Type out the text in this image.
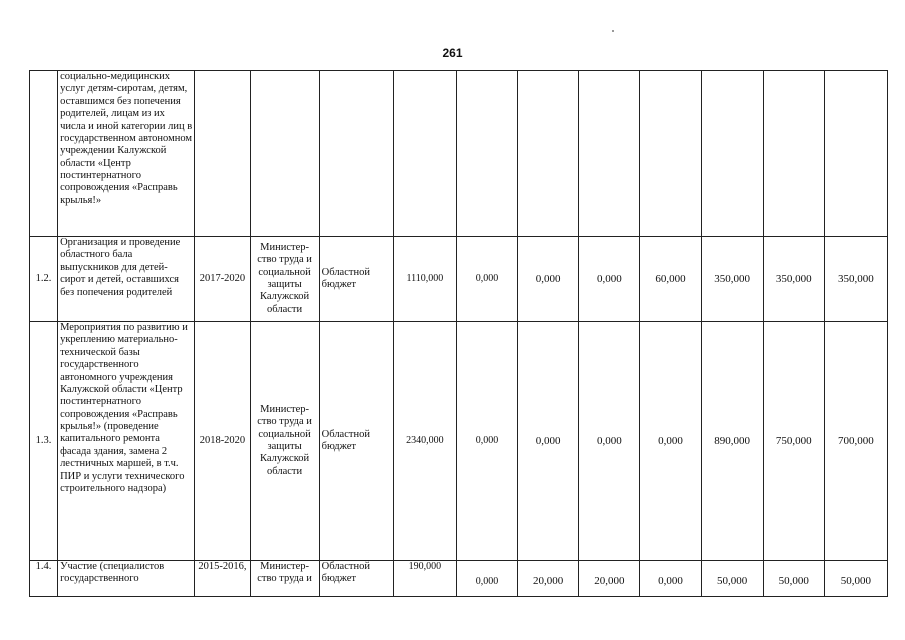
261
	социально-медицинских услуг детям-сиротам, детям, оставшимся без попечения родителей, лицам из их числа и иной категории лиц в государственном автономном учреждении Калужской области «Центр постинтернатного сопровождения «Расправь крылья!»											
1.2.	Организация и проведение областного бала выпускников для детей-сирот и детей, оставшихся без попечения родителей	2017-2020	Министер-ство труда и социальной защиты Калужской области	Областной бюджет	1110,000	0,000	0,000	0,000	60,000	350,000	350,000	350,000
1.3.	Мероприятия по развитию и укреплению материально-технической базы государственного автономного учреждения Калужской области «Центр постинтернатного сопровождения «Расправь крылья!» (проведение капитального ремонта фасада здания, замена 2 лестничных маршей, в т.ч. ПИР и услуги технического строительного надзора)	2018-2020	Министер-ство труда и социальной защиты Калужской области	Областной бюджет	2340,000	0,000	0,000	0,000	0,000	890,000	750,000	700,000
1.4.	Участие (специалистов государственного	2015-2016,	Министер-ство труда и	Областной бюджет	190,000	0,000	20,000	20,000	0,000	50,000	50,000	50,000
